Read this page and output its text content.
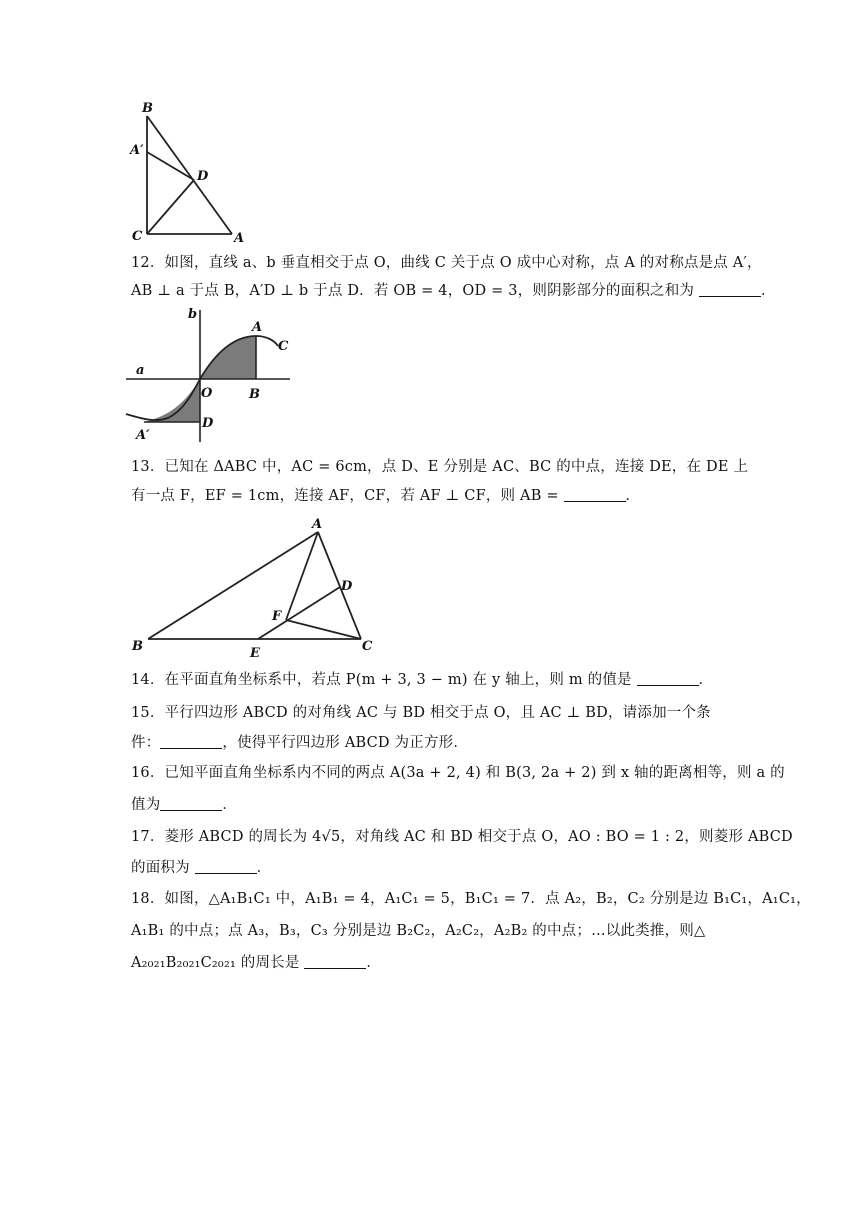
B
A′
D
C	A
12．如图，直线 a、b 垂直相交于点 O，曲线 C 关于点 O 成中心对称，点 A 的对称点是点 A′，
AB ⊥ a 于点 B，A′D ⊥ b 于点 D．若 OB = 4，OD = 3，则阴影部分的面积之和为	．
b
a
A
C
O	B
A′
D
13．已知在 ΔABC 中，AC = 6cm，点 D、E 分别是 AC、BC 的中点，连接 DE，在 DE 上
有一点 F，EF = 1cm，连接 AF，CF，若 AF ⊥ CF，则 AB =	．
A
D
F
B	E	C
14．在平面直角坐标系中，若点 P(m + 3, 3 − m) 在 y 轴上，则 m 的值是	．
15．平行四边形 ABCD 的对角线 AC 与 BD 相交于点 O，且 AC ⊥ BD，请添加一个条
件：	，使得平行四边形 ABCD 为正方形．
16．已知平面直角坐标系内不同的两点 A(3a + 2, 4) 和 B(3, 2a + 2) 到 x 轴的距离相等，则 a 的
值为	．
17．菱形 ABCD 的周长为 4√5，对角线 AC 和 BD 相交于点 O，AO : BO = 1 : 2，则菱形 ABCD
的面积为	．
18．如图，△A₁B₁C₁ 中，A₁B₁ = 4，A₁C₁ = 5，B₁C₁ = 7．点 A₂，B₂，C₂ 分别是边 B₁C₁，A₁C₁，
A₁B₁ 的中点；点 A₃，B₃，C₃ 分别是边 B₂C₂，A₂C₂，A₂B₂ 的中点；…以此类推，则△
A₂₀₂₁B₂₀₂₁C₂₀₂₁ 的周长是	．
